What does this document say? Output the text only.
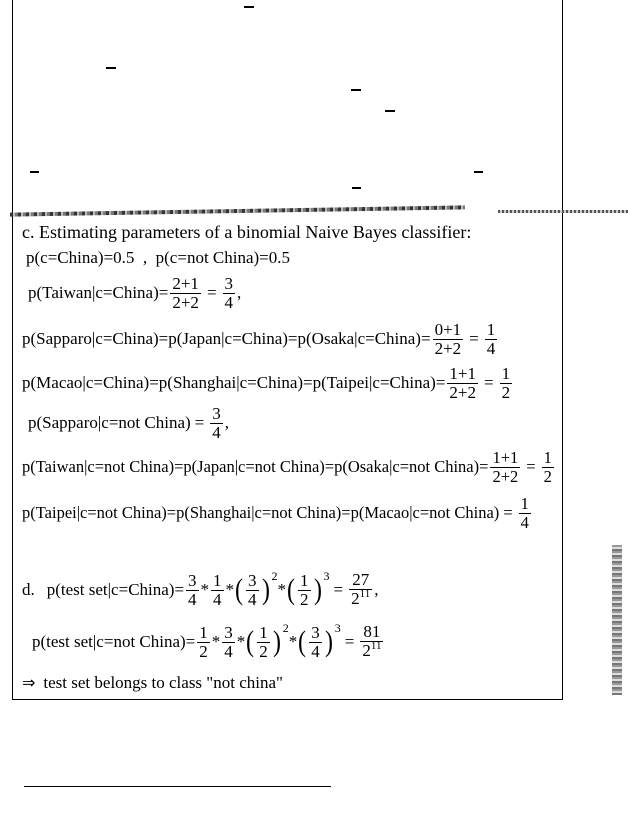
c. Estimating parameters of a binomial Naive Bayes classifier:
p(c=China)=0.5  ,  p(c=not China)=0.5
p(Taiwan|c=China)= $\frac{2+1}{2+2} = \frac{3}{4}$ ,
p(Sapparo|c=China)=p(Japan|c=China)=p(Osaka|c=China)= $\frac{0+1}{2+2} = \frac{1}{4}$
p(Macao|c=China)=p(Shanghai|c=China)=p(Taipei|c=China)= $\frac{1+1}{2+2} = \frac{1}{2}$
p(Sapparo|c=not China) = $\frac{3}{4}$ ,
p(Taiwan|c=not China)=p(Japan|c=not China)=p(Osaka|c=not China)= $\frac{1+1}{2+2} = \frac{1}{2}$
p(Taipei|c=not China)=p(Shanghai|c=not China)=p(Macao|c=not China) = $\frac{1}{4}$
d. p(test set|c=China)= $\frac{3}{4} * \frac{1}{4}$ * ( $\frac{3}{4}$ ) 2
* ( $\frac{1}{2}$ ) 3
= $\frac{27}{2^{11}}$ ,
p(test set|c=not China)= $\frac{1}{2} * \frac{3}{4}$ * ( $\frac{1}{2}$ ) 2
* ( $\frac{3}{4}$ ) 3
= $\frac{81}{2^{11}}$
⇒ test set belongs to class "not china"
